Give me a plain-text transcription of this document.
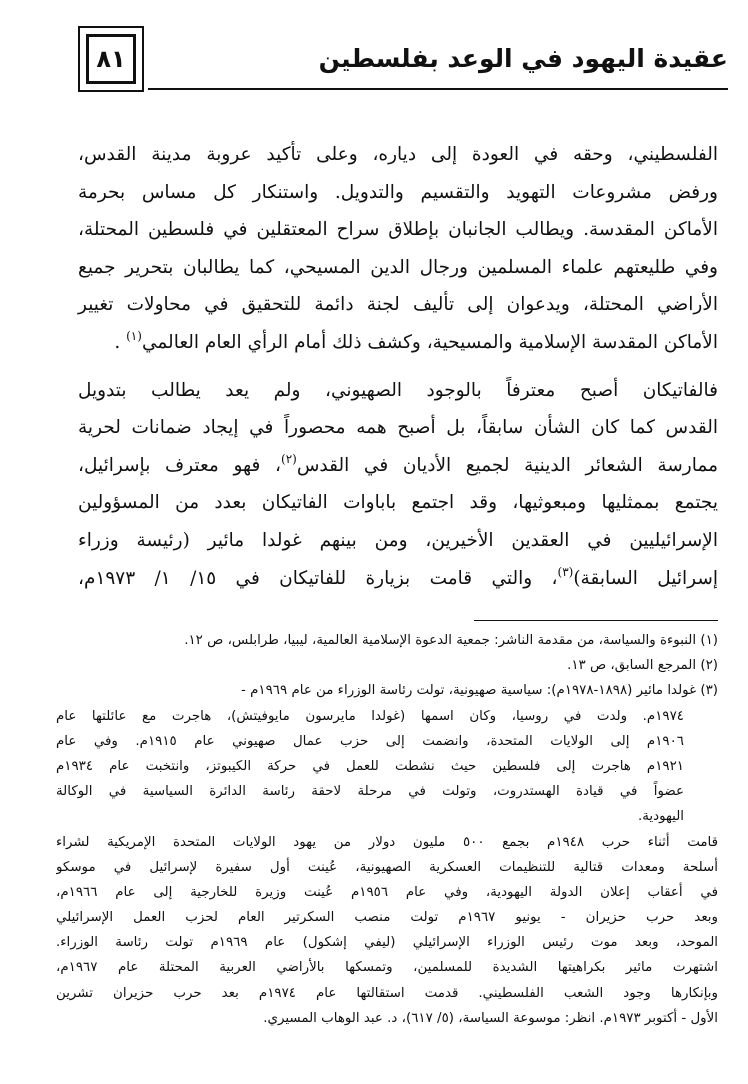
عقيدة اليهود في الوعد بفلسطين
٨١
الفلسطيني، وحقه في العودة إلى دياره، وعلى تأكيد عروبة مدينة القدس،
ورفض مشروعات التهويد والتقسيم والتدويل. واستنكار كل مساس بحرمة
الأماكن المقدسة. ويطالب الجانبان بإطلاق سراح المعتقلين في فلسطين المحتلة،
وفي طليعتهم علماء المسلمين ورجال الدين المسيحي، كما يطالبان بتحرير جميع
الأراضي المحتلة، ويدعوان إلى تأليف لجنة دائمة للتحقيق في محاولات تغيير
الأماكن المقدسة الإسلامية والمسيحية، وكشف ذلك أمام الرأي العام العالمي$^{(١)}$ .
فالفاتيكان أصبح معترفاً بالوجود الصهيوني، ولم يعد يطالب بتدويل
القدس كما كان الشأن سابقاً، بل أصبح همه محصوراً في إيجاد ضمانات لحرية
ممارسة الشعائر الدينية لجميع الأديان في القدس$^{(٢)}$، فهو معترف بإسرائيل،
يجتمع بممثليها ومبعوثيها، وقد اجتمع باباوات الفاتيكان بعدد من المسؤولين
الإسرائيليين في العقدين الأخيرين، ومن بينهم غولدا مائير (رئيسة وزراء
إسرائيل السابقة)$^{(٣)}$، والتي قامت بزيارة للفاتيكان في ١٥/ ١/ ١٩٧٣م،
(١) النبوءة والسياسة، من مقدمة الناشر: جمعية الدعوة الإسلامية العالمية، ليبيا، طرابلس، ص ١٢.
(٢) المرجع السابق، ص ١٣.
(٣) غولدا مائير (١٨٩٨-١٩٧٨م): سياسية صهيونية، تولت رئاسة الوزراء من عام ١٩٦٩م -
١٩٧٤م. ولدت في روسيا، وكان اسمها (غولدا مايرسون مايوفيتش)، هاجرت مع عائلتها عام
١٩٠٦م إلى الولايات المتحدة، وانضمت إلى حزب عمال صهيوني عام ١٩١٥م. وفي عام
١٩٢١م هاجرت إلى فلسطين حيث نشطت للعمل في حركة الكيبوتز، وانتخبت عام ١٩٣٤م
عضواً في قيادة الهستدروت، وتولت في مرحلة لاحقة رئاسة الدائرة السياسية في الوكالة
اليهودية.
قامت أثناء حرب ١٩٤٨م بجمع ٥٠٠ مليون دولار من يهود الولايات المتحدة الإمريكية لشراء
أسلحة ومعدات قتالية للتنظيمات العسكرية الصهيونية، عُينت أول سفيرة لإسرائيل في موسكو
في أعقاب إعلان الدولة اليهودية، وفي عام ١٩٥٦م عُينت وزيرة للخارجية إلى عام ١٩٦٦م،
وبعد حرب حزيران - يونيو ١٩٦٧م تولت منصب السكرتير العام لحزب العمل الإسرائيلي
الموحد، وبعد موت رئيس الوزراء الإسرائيلي (ليفي إشكول) عام ١٩٦٩م تولت رئاسة الوزراء.
اشتهرت مائير بكراهيتها الشديدة للمسلمين، وتمسكها بالأراضي العربية المحتلة عام ١٩٦٧م،
وبإنكارها وجود الشعب الفلسطيني. قدمت استقالتها عام ١٩٧٤م بعد حرب حزيران تشرين
الأول - أكتوبر ١٩٧٣م. انظر: موسوعة السياسة، (٥/ ٦١٧)، د. عبد الوهاب المسيري.
